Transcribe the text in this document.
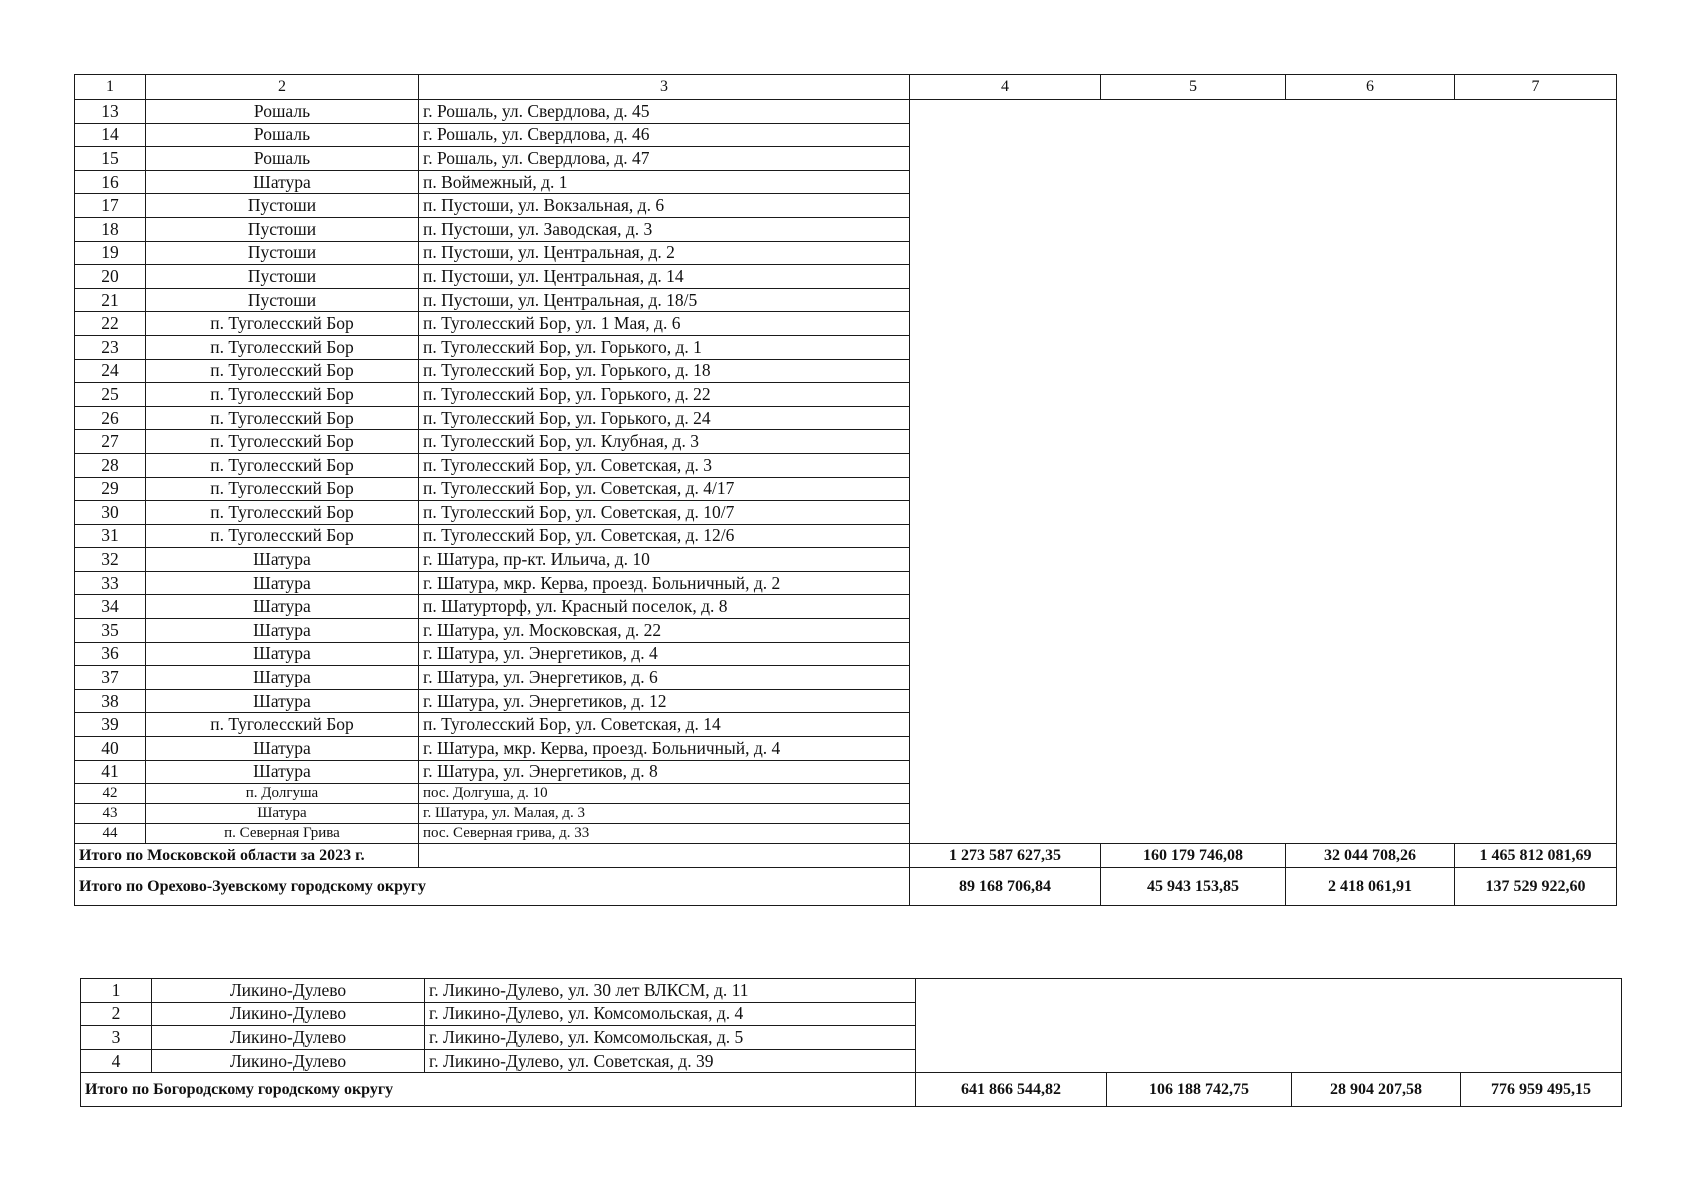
1	2	3	4	5	6	7
13	Рошаль	г. Рошаль, ул. Свердлова, д. 45				
14	Рошаль	г. Рошаль, ул. Свердлова, д. 46				
15	Рошаль	г. Рошаль, ул. Свердлова, д. 47				
16	Шатура	п. Воймежный, д. 1				
17	Пустоши	п. Пустоши, ул. Вокзальная, д. 6				
18	Пустоши	п. Пустоши, ул. Заводская, д. 3				
19	Пустоши	п. Пустоши, ул. Центральная, д. 2				
20	Пустоши	п. Пустоши, ул. Центральная, д. 14				
21	Пустоши	п. Пустоши, ул. Центральная, д. 18/5				
22	п. Туголесский Бор	п. Туголесский Бор, ул. 1 Мая, д. 6				
23	п. Туголесский Бор	п. Туголесский Бор, ул. Горького, д. 1				
24	п. Туголесский Бор	п. Туголесский Бор, ул. Горького, д. 18				
25	п. Туголесский Бор	п. Туголесский Бор, ул. Горького, д. 22				
26	п. Туголесский Бор	п. Туголесский Бор, ул. Горького, д. 24				
27	п. Туголесский Бор	п. Туголесский Бор, ул. Клубная, д. 3				
28	п. Туголесский Бор	п. Туголесский Бор, ул. Советская, д. 3				
29	п. Туголесский Бор	п. Туголесский Бор, ул. Советская, д. 4/17				
30	п. Туголесский Бор	п. Туголесский Бор, ул. Советская, д. 10/7				
31	п. Туголесский Бор	п. Туголесский Бор, ул. Советская, д. 12/6				
32	Шатура	г. Шатура, пр-кт. Ильича, д. 10				
33	Шатура	г. Шатура, мкр. Керва, проезд. Больничный, д. 2				
34	Шатура	п. Шатурторф, ул. Красный поселок, д. 8				
35	Шатура	г. Шатура, ул. Московская, д. 22				
36	Шатура	г. Шатура, ул. Энергетиков, д. 4				
37	Шатура	г. Шатура, ул. Энергетиков, д. 6				
38	Шатура	г. Шатура, ул. Энергетиков, д. 12				
39	п. Туголесский Бор	п. Туголесский Бор, ул. Советская, д. 14				
40	Шатура	г. Шатура, мкр. Керва, проезд. Больничный, д. 4				
41	Шатура	г. Шатура, ул. Энергетиков, д. 8				
42	п. Долгуша	пос. Долгуша, д. 10				
43	Шатура	г. Шатура, ул. Малая, д. 3				
44	п. Северная Грива	пос. Северная грива, д. 33				
Итого по Московской области за 2023 г.			1 273 587 627,35	160 179 746,08	32 044 708,26	1 465 812 081,69
Итого по Орехово-Зуевскому городскому округу			89 168 706,84	45 943 153,85	2 418 061,91	137 529 922,60
1	Ликино-Дулево	г. Ликино-Дулево, ул. 30 лет ВЛКСМ, д. 11				
2	Ликино-Дулево	г. Ликино-Дулево, ул. Комсомольская, д. 4				
3	Ликино-Дулево	г. Ликино-Дулево, ул. Комсомольская, д. 5				
4	Ликино-Дулево	г. Ликино-Дулево, ул. Советская, д. 39				
Итого по Богородскому городскому округу			641 866 544,82	106 188 742,75	28 904 207,58	776 959 495,15
